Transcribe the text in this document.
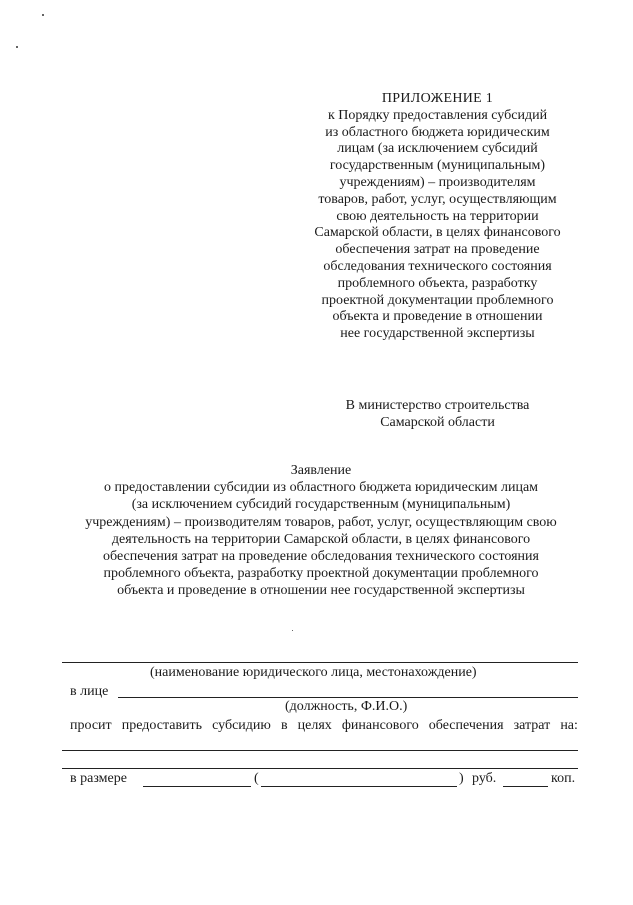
ПРИЛОЖЕНИЕ 1
к Порядку предоставления субсидий
из областного бюджета юридическим
лицам (за исключением субсидий
государственным (муниципальным)
учреждениям) – производителям
товаров, работ, услуг, осуществляющим
свою деятельность на территории
Самарской области, в целях финансового
обеспечения затрат на проведение
обследования технического состояния
проблемного объекта, разработку
проектной документации проблемного
объекта и проведение в отношении
нее государственной экспертизы
В министерство строительства
Самарской области
Заявление
о предоставлении субсидии из областного бюджета юридическим лицам
(за исключением субсидий государственным (муниципальным)
учреждениям) – производителям товаров, работ, услуг, осуществляющим свою
деятельность на территории Самарской области, в целях финансового
обеспечения затрат на проведение обследования технического состояния
проблемного объекта, разработку проектной документации проблемного
объекта и проведение в отношении нее государственной экспертизы
(наименование юридического лица, местонахождение)
в лице
(должность, Ф.И.О.)
просит предоставить субсидию в целях финансового обеспечения затрат на:
в размере	(	) руб.	коп.
